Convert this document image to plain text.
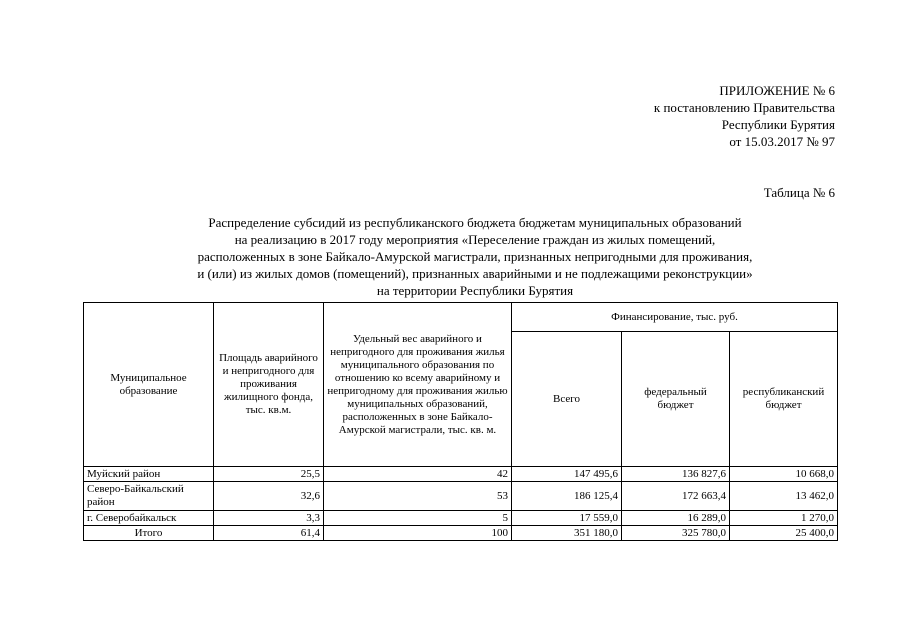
ПРИЛОЖЕНИЕ № 6
к постановлению Правительства
Республики Бурятия
от 15.03.2017 № 97
Таблица № 6
Распределение субсидий из республиканского бюджета бюджетам муниципальных образований
на реализацию в 2017 году мероприятия «Переселение граждан из жилых помещений,
расположенных в зоне Байкало-Амурской магистрали, признанных непригодными для проживания,
и (или) из жилых домов (помещений), признанных аварийными и не подлежащими реконструкции»
на территории Республики Бурятия
Муниципальное образование	Площадь аварийного и непригодного для проживания жилищного фонда, тыс. кв.м.	Удельный вес аварийного и непригодного для проживания жилья муниципального образования по отношению ко всему аварийному и непригодному для проживания жилью муниципальных образований, расположенных в зоне Байкало-Амурской магистрали, тыс. кв. м.	Финансирование, тыс. руб.		
			Всего	федеральный бюджет	республиканский бюджет
Муйский район	25,5	42	147 495,6	136 827,6	10 668,0
Северо-Байкальский район	32,6	53	186 125,4	172 663,4	13 462,0
г. Северобайкальск	3,3	5	17 559,0	16 289,0	1 270,0
Итого	61,4	100	351 180,0	325 780,0	25 400,0
